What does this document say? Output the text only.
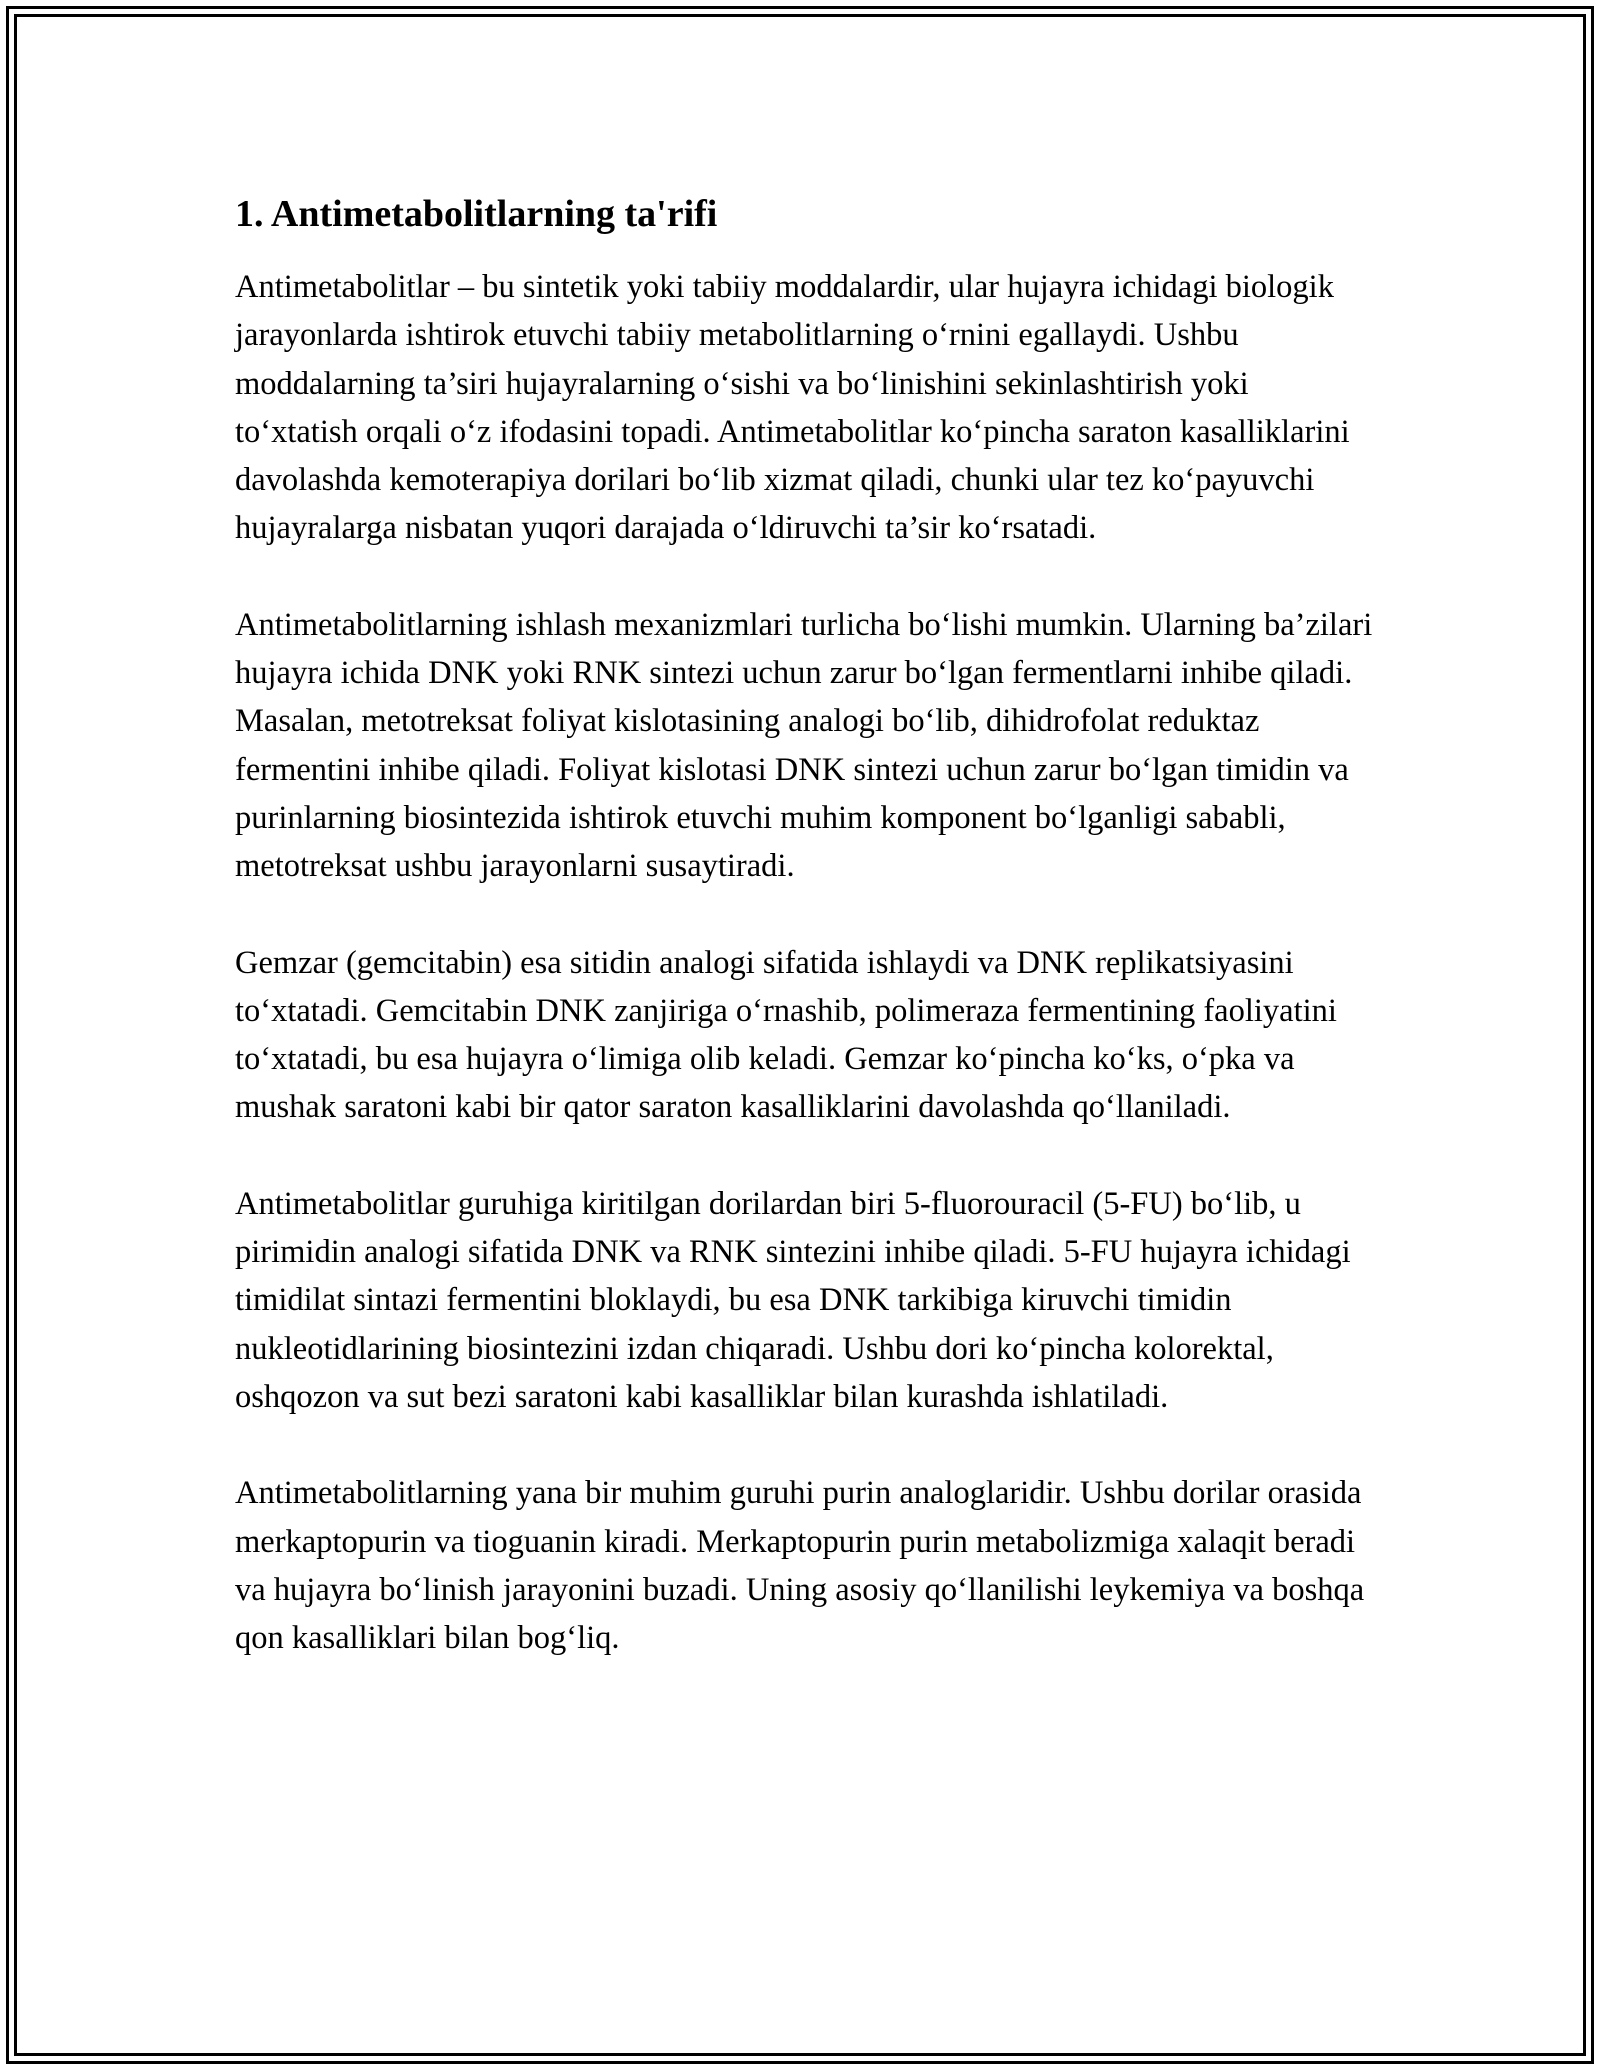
1. Antimetabolitlarning ta'rifi

Antimetabolitlar – bu sintetik yoki tabiiy moddalardir, ular hujayra ichidagi biologik jarayonlarda ishtirok etuvchi tabiiy metabolitlarning o‘rnini egallaydi. Ushbu moddalarning ta’siri hujayralarning o‘sishi va bo‘linishini sekinlashtirish yoki to‘xtatish orqali o‘z ifodasini topadi. Antimetabolitlar ko‘pincha saraton kasalliklarini davolashda kemoterapiya dorilari bo‘lib xizmat qiladi, chunki ular tez ko‘payuvchi hujayralarga nisbatan yuqori darajada o‘ldiruvchi ta’sir ko‘rsatadi.

Antimetabolitlarning ishlash mexanizmlari turlicha bo‘lishi mumkin. Ularning ba’zilari hujayra ichida DNK yoki RNK sintezi uchun zarur bo‘lgan fermentlarni inhibe qiladi. Masalan, metotreksat foliyat kislotasining analogi bo‘lib, dihidrofolat reduktaz fermentini inhibe qiladi. Foliyat kislotasi DNK sintezi uchun zarur bo‘lgan timidin va purinlarning biosintezida ishtirok etuvchi muhim komponent bo‘lganligi sababli, metotreksat ushbu jarayonlarni susaytiradi.

Gemzar (gemcitabin) esa sitidin analogi sifatida ishlaydi va DNK replikatsiyasini to‘xtatadi. Gemcitabin DNK zanjiriga o‘rnashib, polimeraza fermentining faoliyatini to‘xtatadi, bu esa hujayra o‘limiga olib keladi. Gemzar ko‘pincha ko‘ks, o‘pka va mushak saratoni kabi bir qator saraton kasalliklarini davolashda qo‘llaniladi.

Antimetabolitlar guruhiga kiritilgan dorilardan biri 5-fluorouracil (5-FU) bo‘lib, u pirimidin analogi sifatida DNK va RNK sintezini inhibe qiladi. 5-FU hujayra ichidagi timidilat sintazi fermentini bloklaydi, bu esa DNK tarkibiga kiruvchi timidin nukleotidlarining biosintezini izdan chiqaradi. Ushbu dori ko‘pincha kolorektal, oshqozon va sut bezi saratoni kabi kasalliklar bilan kurashda ishlatiladi.

Antimetabolitlarning yana bir muhim guruhi purin analoglaridir. Ushbu dorilar orasida merkaptopurin va tioguanin kiradi. Merkaptopurin purin metabolizmiga xalaqit beradi va hujayra bo‘linish jarayonini buzadi. Uning asosiy qo‘llanilishi leykemiya va boshqa qon kasalliklari bilan bog‘liq.
